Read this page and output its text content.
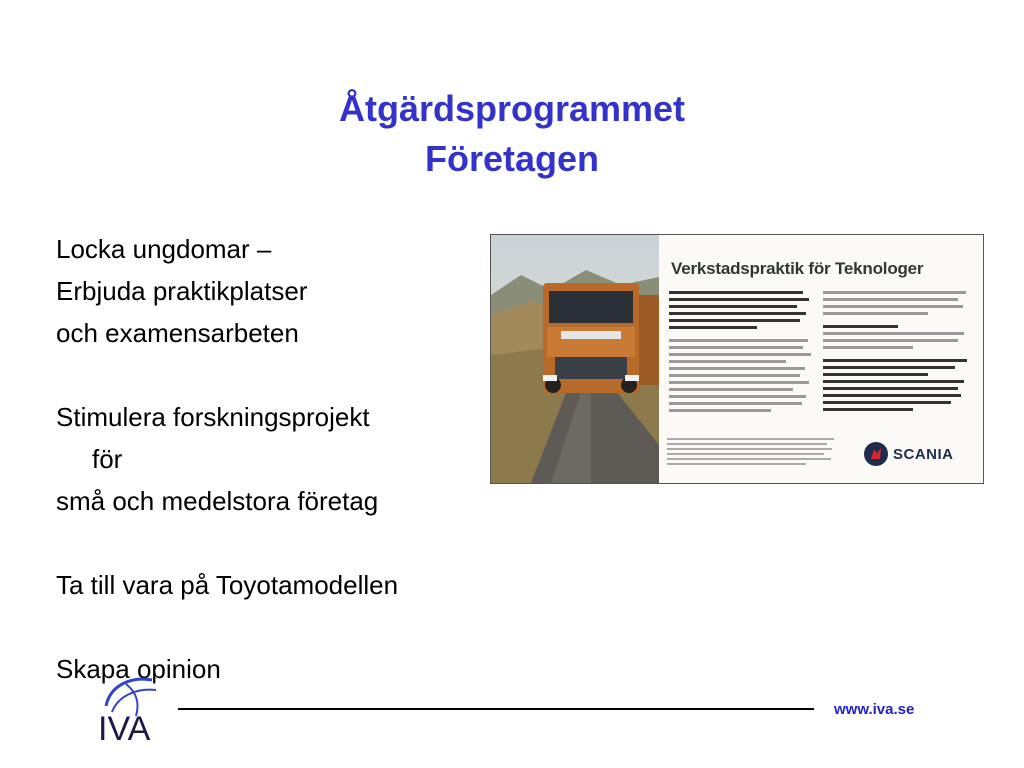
Åtgärdsprogrammet
Företagen
Locka ungdomar –
Erbjuda praktikplatser
och examensarbeten
Stimulera forskningsprojekt
för
små och medelstora företag
Ta till vara på Toyotamodellen
Skapa opinion
Verkstadspraktik för Teknologer
SCANIA
IVA
www.iva.se
